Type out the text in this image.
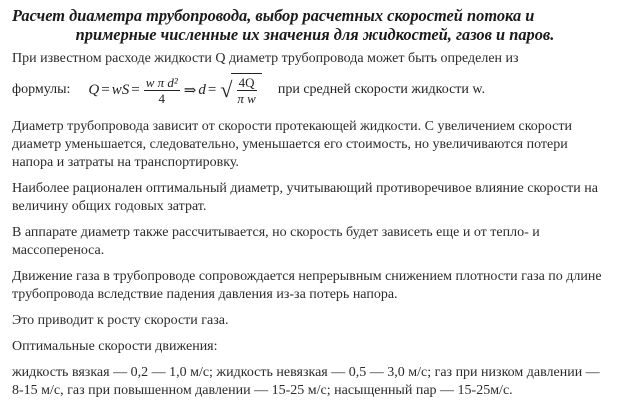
Расчет диаметра трубопровода, выбор расчетных скоростей потока и
примерные численные их значения для жидкостей, газов и паров.

При известном расходе жидкости Q диаметр трубопровода может быть определен из

формулы: Q = wS = $\frac{\text{w π d²}}{4}$ ⇒ d = √ $\frac{4Q}{\text{π w}}$ при средней скорости жидкости w.

Диаметр трубопровода зависит от скорости протекающей жидкости. С увеличением скорости диаметр уменьшается, следовательно, уменьшается его стоимость, но увеличиваются потери напора и затраты на транспортировку.

Наиболее рационален оптимальный диаметр, учитывающий противоречивое влияние скорости на величину общих годовых затрат.

В аппарате диаметр также рассчитывается, но скорость будет зависеть еще и от тепло- и массопереноса.

Движение газа в трубопроводе сопровождается непрерывным снижением плотности газа по длине трубопровода вследствие падения давления из-за потерь напора.

Это приводит к росту скорости газа.

Оптимальные скорости движения:

жидкость вязкая — 0,2 — 1,0 м/с; жидкость невязкая — 0,5 — 3,0 м/с; газ при низком давлении — 8-15 м/с, газ при повышенном давлении — 15-25 м/с; насыщенный пар — 15-25м/с.
